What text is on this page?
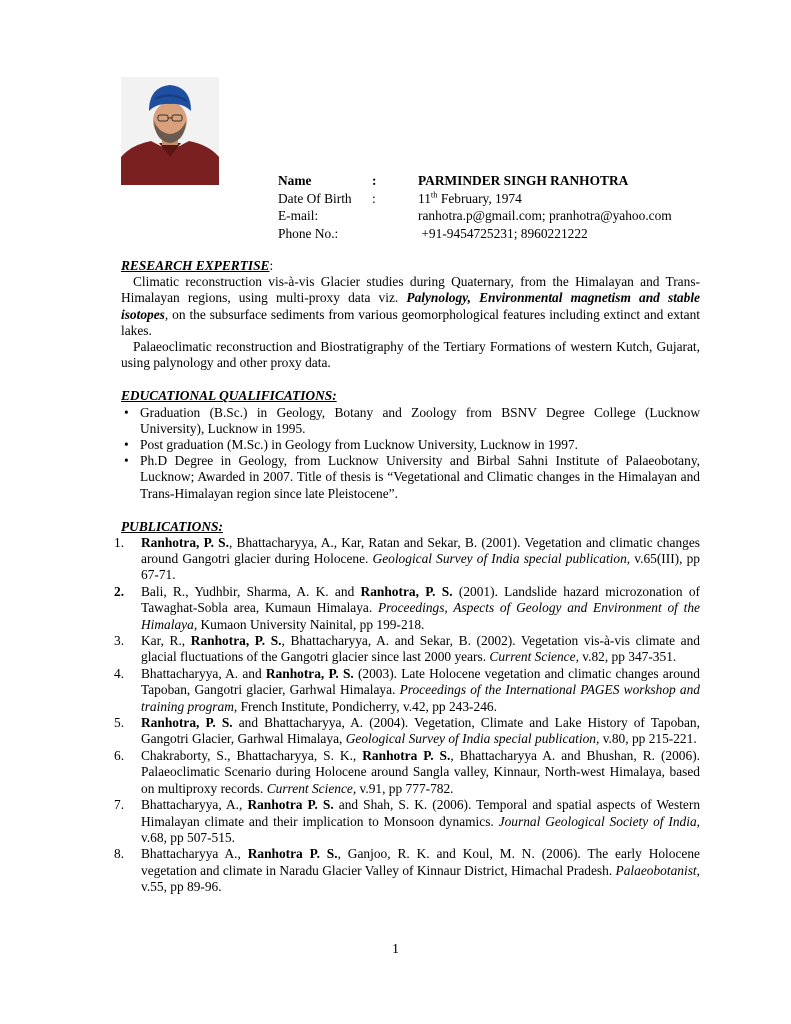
Name	:	PARMINDER SINGH RANHOTRA
Date Of Birth	:	11th February, 1974
E-mail:	ranhotra.p@gmail.com; pranhotra@yahoo.com
Phone No.:	+91-9454725231; 8960221222
RESEARCH EXPERTISE:

Climatic reconstruction vis-à-vis Glacier studies during Quaternary, from the Himalayan and Trans-Himalayan regions, using multi-proxy data viz. Palynology, Environmental magnetism and stable isotopes, on the subsurface sediments from various geomorphological features including extinct and extant lakes.

Palaeoclimatic reconstruction and Biostratigraphy of the Tertiary Formations of western Kutch, Gujarat, using palynology and other proxy data.

EDUCATIONAL QUALIFICATIONS:
• Graduation (B.Sc.) in Geology, Botany and Zoology from BSNV Degree College (Lucknow University), Lucknow in 1995.
• Post graduation (M.Sc.) in Geology from Lucknow University, Lucknow in 1997.
• Ph.D Degree in Geology, from Lucknow University and Birbal Sahni Institute of Palaeobotany, Lucknow; Awarded in 2007. Title of thesis is “Vegetational and Climatic changes in the Himalayan and Trans-Himalayan region since late Pleistocene”.
PUBLICATIONS:
1.	Ranhotra, P. S., Bhattacharyya, A., Kar, Ratan and Sekar, B. (2001). Vegetation and climatic changes around Gangotri glacier during Holocene. Geological Survey of India special publication, v.65(III), pp 67-71.
2.	Bali, R., Yudhbir, Sharma, A. K. and Ranhotra, P. S. (2001). Landslide hazard microzonation of Tawaghat-Sobla area, Kumaun Himalaya. Proceedings, Aspects of Geology and Environment of the Himalaya, Kumaon University Nainital, pp 199-218.
3.	Kar, R., Ranhotra, P. S., Bhattacharyya, A. and Sekar, B. (2002). Vegetation vis-à-vis climate and glacial fluctuations of the Gangotri glacier since last 2000 years. Current Science, v.82, pp 347-351.
4.	Bhattacharyya, A. and Ranhotra, P. S. (2003). Late Holocene vegetation and climatic changes around Tapoban, Gangotri glacier, Garhwal Himalaya. Proceedings of the International PAGES workshop and training program, French Institute, Pondicherry, v.42, pp 243-246.
5.	Ranhotra, P. S. and Bhattacharyya, A. (2004). Vegetation, Climate and Lake History of Tapoban, Gangotri Glacier, Garhwal Himalaya, Geological Survey of India special publication, v.80, pp 215-221.
6.	Chakraborty, S., Bhattacharyya, S. K., Ranhotra P. S., Bhattacharyya A. and Bhushan, R. (2006). Palaeoclimatic Scenario during Holocene around Sangla valley, Kinnaur, North-west Himalaya, based on multiproxy records. Current Science, v.91, pp 777-782.
7.	Bhattacharyya, A., Ranhotra P. S. and Shah, S. K. (2006). Temporal and spatial aspects of Western Himalayan climate and their implication to Monsoon dynamics. Journal Geological Society of India, v.68, pp 507-515.
8.	Bhattacharyya A., Ranhotra P. S., Ganjoo, R. K. and Koul, M. N. (2006). The early Holocene vegetation and climate in Naradu Glacier Valley of Kinnaur District, Himachal Pradesh. Palaeobotanist, v.55, pp 89-96.
1
